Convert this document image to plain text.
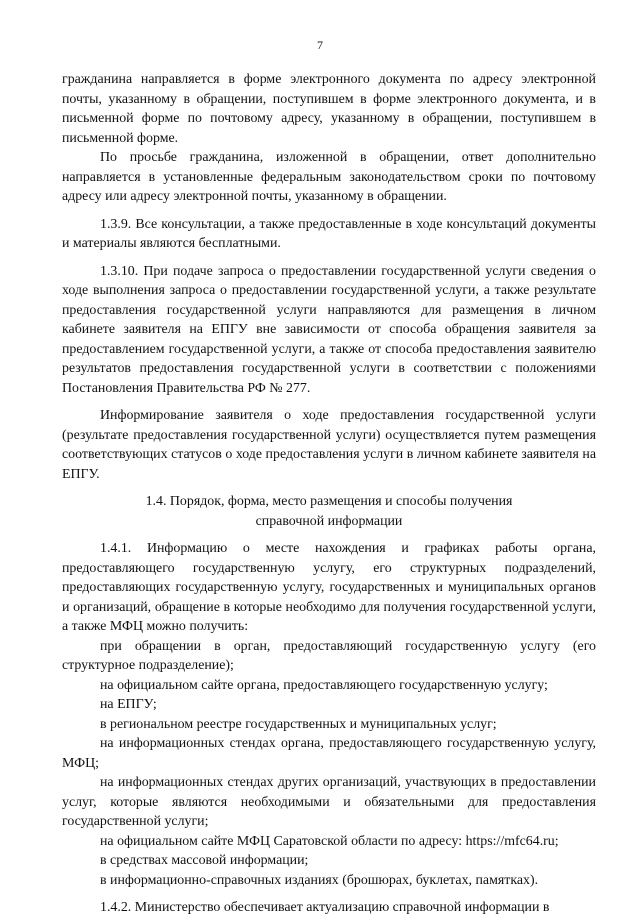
7

гражданина направляется в форме электронного документа по адресу электронной почты, указанному в обращении, поступившем в форме электронного документа, и в письменной форме по почтовому адресу, указанному в обращении, поступившем в письменной форме.

По просьбе гражданина, изложенной в обращении, ответ дополнительно направляется в установленные федеральным законодательством сроки по почтовому адресу или адресу электронной почты, указанному в обращении.

1.3.9. Все консультации, а также предоставленные в ходе консультаций документы и материалы являются бесплатными.

1.3.10. При подаче запроса о предоставлении государственной услуги сведения о ходе выполнения запроса о предоставлении государственной услуги, а также результате предоставления государственной услуги направляются для размещения в личном кабинете заявителя на ЕПГУ вне зависимости от способа обращения заявителя за предоставлением государственной услуги, а также от способа предоставления заявителю результатов предоставления государственной услуги в соответствии с положениями Постановления Правительства РФ № 277.

Информирование заявителя о ходе предоставления государственной услуги (результате предоставления государственной услуги) осуществляется путем размещения соответствующих статусов о ходе предоставления услуги в личном кабинете заявителя на ЕПГУ.

1.4. Порядок, форма, место размещения и способы получения справочной информации

1.4.1. Информацию о месте нахождения и графиках работы органа, предоставляющего государственную услугу, его структурных подразделений, предоставляющих государственную услугу, государственных и муниципальных органов и организаций, обращение в которые необходимо для получения государственной услуги, а также МФЦ можно получить:

при обращении в орган, предоставляющий государственную услугу (его структурное подразделение);

на официальном сайте органа, предоставляющего государственную услугу;

на ЕПГУ;

в региональном реестре государственных и муниципальных услуг;

на информационных стендах органа, предоставляющего государственную услугу, МФЦ;

на информационных стендах других организаций, участвующих в предоставлении услуг, которые являются необходимыми и обязательными для предоставления государственной услуги;

на официальном сайте МФЦ Саратовской области по адресу: https://mfc64.ru;

в средствах массовой информации;

в информационно-справочных изданиях (брошюрах, буклетах, памятках).

1.4.2. Министерство обеспечивает актуализацию справочной информации в
